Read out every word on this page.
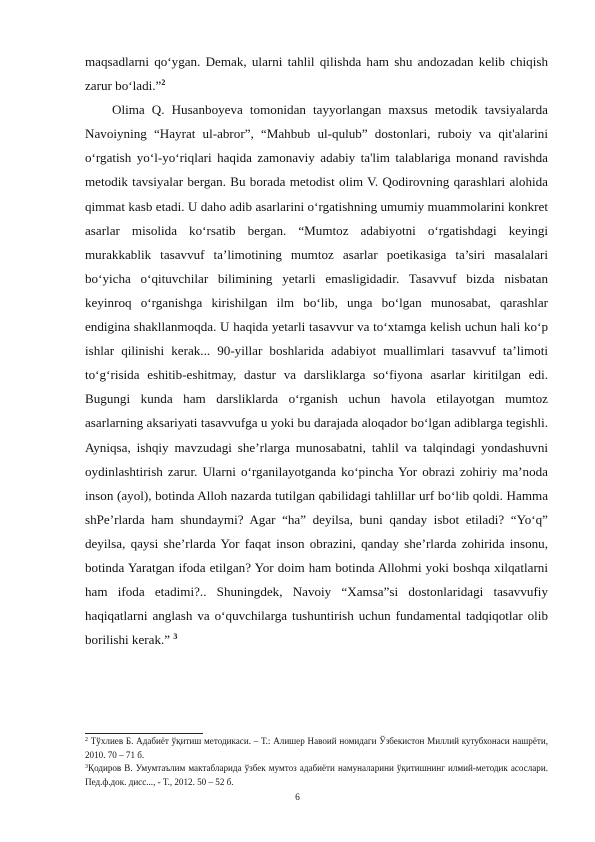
maqsadlarni qo‘ygan. Demak, ularni tahlil qilishda ham shu andozadan kelib chiqish zarur bo‘ladi.”$^2$

Olima Q. Husanboyeva tomonidan tayyorlangan maxsus metodik tavsiyalarda Navoiyning “Hayrat ul-abror”, “Mahbub ul-qulub” dostonlari, ruboiy va qit'alarini o‘rgatish yo‘l-yo‘riqlari haqida zamonaviy adabiy ta'lim talablariga monand ravishda metodik tavsiyalar bergan. Bu borada metodist olim V. Qodirovning qarashlari alohida qimmat kasb etadi. U daho adib asarlarini o‘rgatishning umumiy muammolarini konkret asarlar misolida ko‘rsatib bergan. “Mumtoz adabiyotni o‘rgatishdagi keyingi murakkablik tasavvuf ta’limotining mumtoz asarlar poetikasiga ta’siri masalalari bo‘yicha o‘qituvchilar bilimining yetarli emasligidadir. Tasavvuf bizda nisbatan keyinroq o‘rganishga kirishilgan ilm bo‘lib, unga bo‘lgan munosabat, qarashlar endigina shakllanmoqda. U haqida yetarli tasavvur va to‘xtamga kelish uchun hali ko‘p ishlar qilinishi kerak... 90-yillar boshlarida adabiyot muallimlari tasavvuf ta’limoti to‘g‘risida eshitib-eshitmay, dastur va darsliklarga so‘fiyona asarlar kiritilgan edi. Bugungi kunda ham darsliklarda o‘rganish uchun havola etilayotgan mumtoz asarlarning aksariyati tasavvufga u yoki bu darajada aloqador bo‘lgan adiblarga tegishli. Ayniqsa, ishqiy mavzudagi she’rlarga munosabatni, tahlil va talqindagi yondashuvni oydinlashtirish zarur. Ularni o‘rganilayotganda ko‘pincha Yor obrazi zohiriy ma’noda inson (ayol), botinda Alloh nazarda tutilgan qabilidagi tahlillar urf bo‘lib qoldi. Hamma shPe’rlarda ham shundaymi? Agar “ha” deyilsa, buni qanday isbot etiladi? “Yo‘q” deyilsa, qaysi she’rlarda Yor faqat inson obrazini, qanday she’rlarda zohirida insonu, botinda Yaratgan ifoda etilgan? Yor doim ham botinda Allohmi yoki boshqa xilqatlarni ham ifoda etadimi?.. Shuningdek, Navoiy “Xamsa”si dostonlaridagi tasavvufiy haqiqatlarni anglash va o‘quvchilarga tushuntirish uchun fundamental tadqiqotlar olib borilishi kerak.” $^3$

$^2$ Тўхлиев Б. Адабиёт ўқитиш методикаси. – Т.: Алишер Навоий номидаги Ўзбекистон Миллий кутубхонаси нашрёти, 2010. 70 – 71 б.

$^3$Қодиров В. Умумтаълим мактабларида ўзбек мумтоз адабиёти намуналарини ўқитишнинг илмий-методик асослари. Пед.ф.док. дисс..., - Т., 2012. 50 – 52 б.

6
